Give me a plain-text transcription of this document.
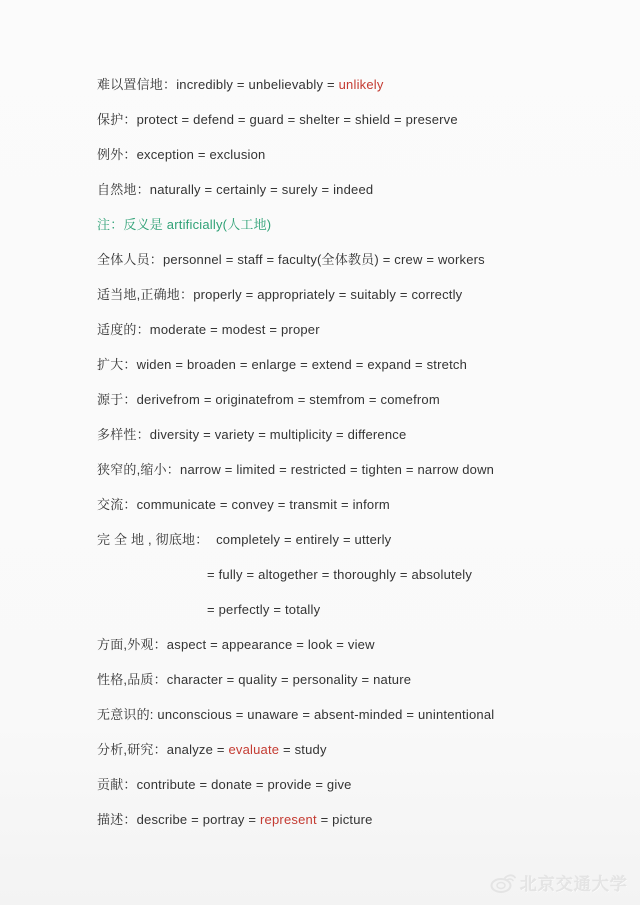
难以置信地：incredibly = unbelievably = unlikely
保护：protect = defend = guard = shelter = shield = preserve
例外：exception = exclusion
自然地：naturally = certainly = surely = indeed
注：反义是 artificially(人工地)
全体人员：personnel = staff = faculty(全体教员) = crew = workers
适当地,正确地：properly = appropriately = suitably = correctly
适度的：moderate = modest = proper
扩大：widen = broaden = enlarge = extend = expand = stretch
源于：derivefrom = originatefrom = stemfrom = comefrom
多样性：diversity = variety = multiplicity = difference
狭窄的,缩小：narrow = limited = restricted = tighten = narrow down
交流：communicate = convey = transmit = inform
完 全 地 , 彻底地：  completely = entirely = utterly
= fully = altogether = thoroughly = absolutely
= perfectly = totally
方面,外观：aspect = appearance = look = view
性格,品质：character = quality = personality = nature
无意识的: unconscious = unaware = absent-minded = unintentional
分析,研究：analyze = evaluate = study
贡献：contribute = donate = provide = give
描述：describe = portray = represent = picture
北京交通大学
